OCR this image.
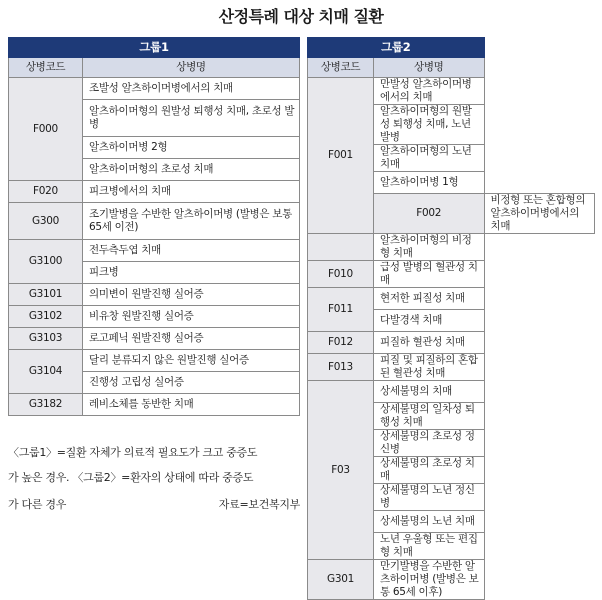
산정특례 대상 치매 질환
그룹1	
상병코드	상병명
F000	조발성 알츠하이머병에서의 치매
	알츠하이머형의 원발성 퇴행성 치매, 초로성 발병
	알츠하이머병 2형
	알츠하이머형의 초로성 치매
F020	피크병에서의 치매
G300	조기발병을 수반한 알츠하이머병 (발병은 보통 65세 이전)
G3100	전두측두엽 치매
	피크병
G3101	의미변이 원발진행 실어증
G3102	비유창 원발진행 실어증
G3103	로고페닉 원발진행 실어증
G3104	달리 분류되지 않은 원발진행 실어증
	진행성 고립성 실어증
G3182	레비소체를 동반한 치매
그룹2		
상병코드	상병명	
F001	만발성 알츠하이머병에서의 치매	
	알츠하이머형의 원발성 퇴행성 치매, 노년발병	
	알츠하이머형의 노년 치매	
	알츠하이머병 1형	
	F002	비정형 또는 혼합형의 알츠하이머병에서의 치매
	알츠하이머형의 비정형 치매	
F010	급성 발병의 혈관성 치매	
F011	현저한 피질성 치매	
	다발경색 치매	
F012	피질하 혈관성 치매	
F013	피질 및 피질하의 혼합된 혈관성 치매	
F03	상세불명의 치매	
	상세불명의 일차성 퇴행성 치매	
	상세불명의 초로성 정신병	
	상세불명의 초로성 치매	
	상세불명의 노년 정신병	
	상세불명의 노년 치매	
	노년 우울형 또는 편집형 치매	
G301	만기발병을 수반한 알츠하이머병 (발병은 보통 65세 이후)	
〈그룹1〉=질환 자체가 의료적 필요도가 크고 중증도
가 높은 경우. 〈그룹2〉=환자의 상태에 따라 중증도
가 다른 경우	자료=보건복지부
